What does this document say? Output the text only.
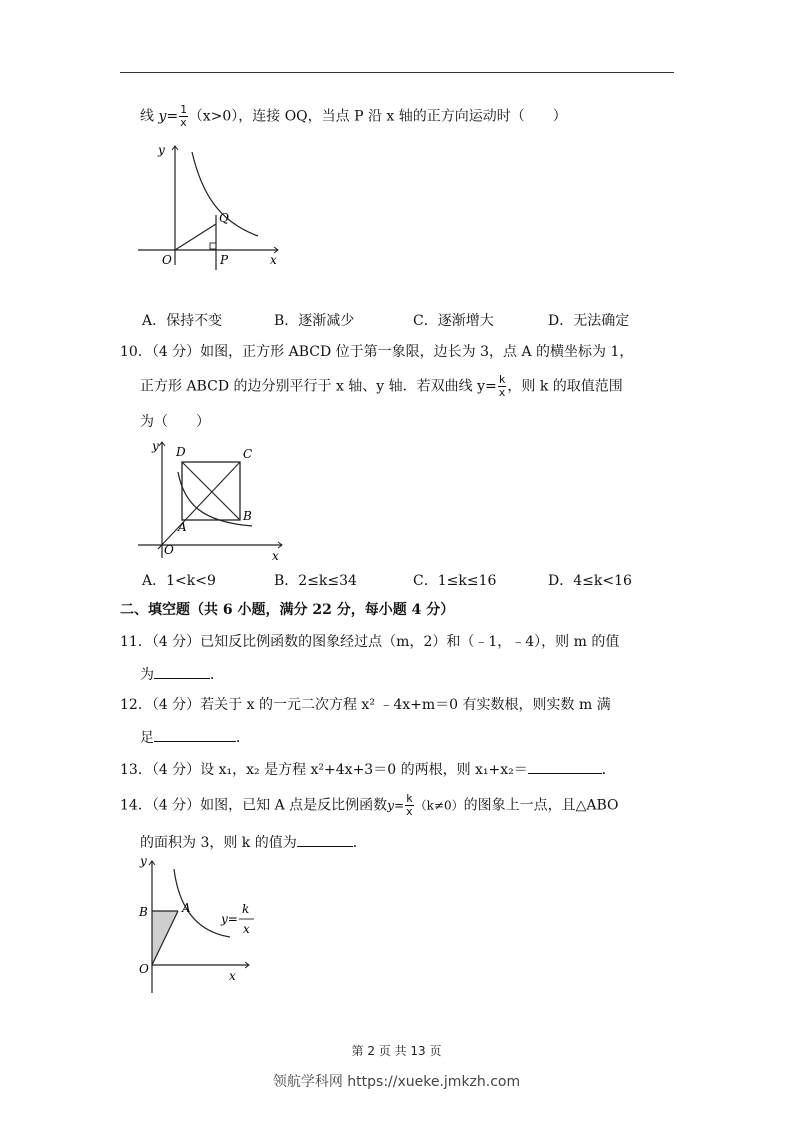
线 $y= \frac{1}{x} (x>0)$，连接 OQ，当点 P 沿 x 轴的正方向运动时（　　）
y
x
O	P
Q
A．保持不变	B．逐渐减少	C．逐渐增大	D．无法确定
10．（4 分）如图，正方形 ABCD 位于第一象限，边长为 3，点 A 的横坐标为 1，
正方形 ABCD 的边分别平行于 x 轴、y 轴．若双曲线 $y= \frac{k}{x}$ ，则 k 的取值范围
为（　　）
y
x
O
A
B
C
D
A．1<k<9	B．2≤k≤34	C．1≤k≤16	D．4≤k<16
二、填空题（共 6 小题，满分 22 分，每小题 4 分）
11．（4 分）已知反比例函数的图象经过点（m，2）和（﹣1，﹣4），则 m 的值
为	．
12．（4 分）若关于 x 的一元二次方程 x² ﹣4x+m＝0 有实数根，则实数 m 满
足	．
13．（4 分）设 x₁，x₂ 是方程 x²+4x+3＝0 的两根，则 x₁+x₂＝	．
14．（4 分）如图，已知 A 点是反比例函数$y= \frac{k}{x} (k\ne 0)$的图象上一点，且△ABO
的面积为 3，则 k 的值为	．
y
x
O
B	A
y=
k
x
第 2 页 共 13 页
领航学科网 https://xueke.jmkzh.com
